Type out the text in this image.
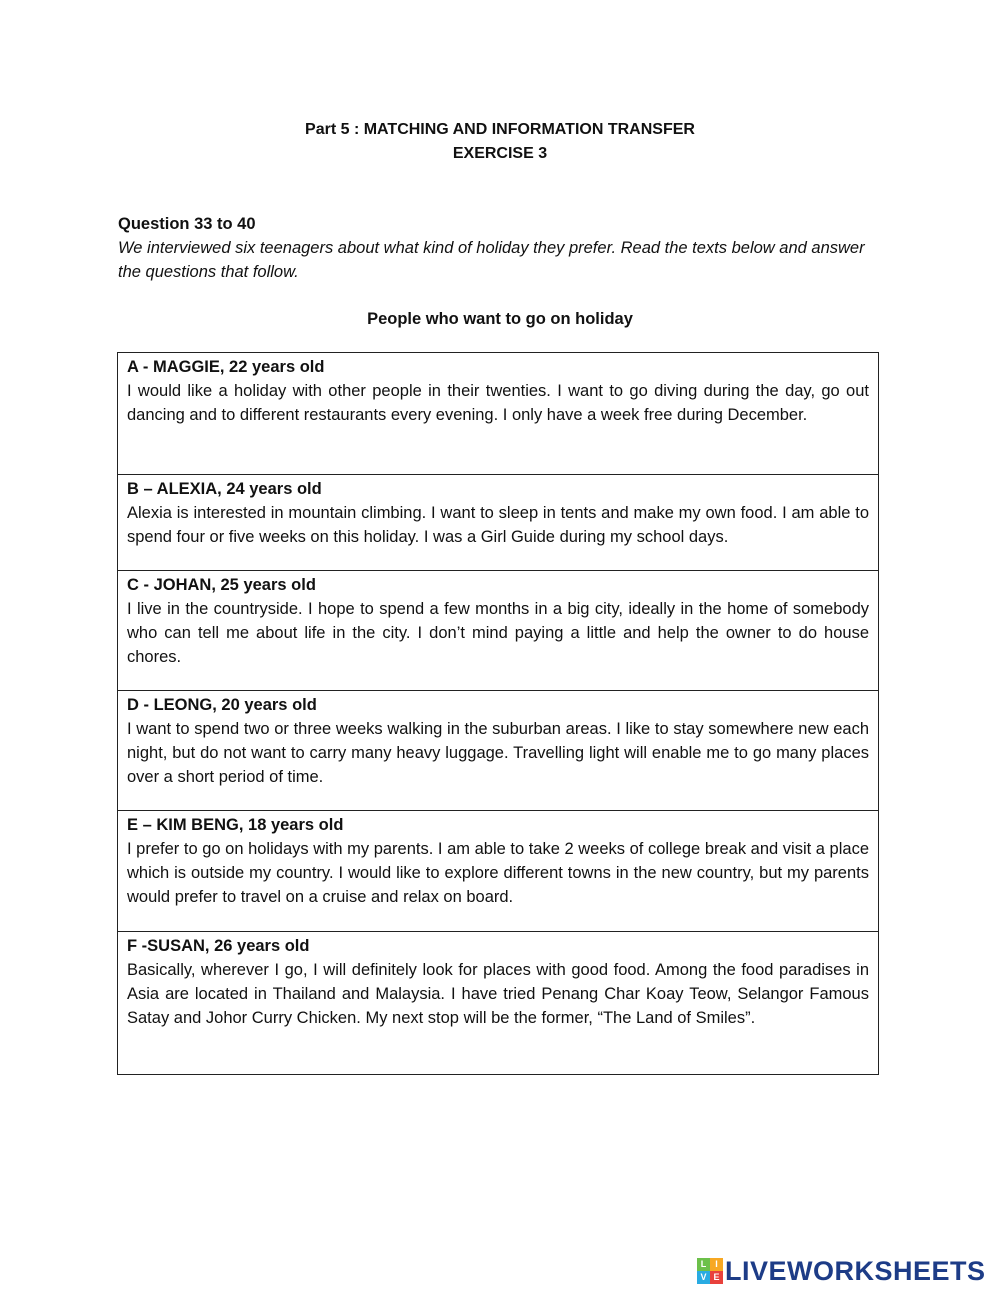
Part 5 : MATCHING AND INFORMATION TRANSFER
EXERCISE 3
Question 33 to 40
We interviewed six teenagers about what kind of holiday they prefer. Read the texts below and answer the questions that follow.
People who want to go on holiday
A - MAGGIE, 22 years old
I would like a holiday with other people in their twenties. I want to go diving during the day, go out dancing and to different restaurants every evening. I only have a week free during December.
B – ALEXIA, 24 years old
Alexia is interested in mountain climbing. I want to sleep in tents and make my own food. I am able to spend four or five weeks on this holiday. I was a Girl Guide during my school days.
C - JOHAN, 25 years old
I live in the countryside. I hope to spend a few months in a big city, ideally in the home of somebody who can tell me about life in the city. I don’t mind paying a little and help the owner to do house chores.
D - LEONG, 20 years old
I want to spend two or three weeks walking in the suburban areas. I like to stay somewhere new each night, but do not want to carry many heavy luggage. Travelling light will enable me to go many places over a short period of time.
E – KIM BENG, 18 years old
I prefer to go on holidays with my parents. I am able to take 2 weeks of college break and visit a place which is outside my country. I would like to explore different towns in the new country, but my parents would prefer to travel on a cruise and relax on board.
F -SUSAN, 26 years old
Basically, wherever I go, I will definitely look for places with good food. Among the food paradises in Asia are located in Thailand and Malaysia. I have tried Penang Char Koay Teow, Selangor Famous Satay and Johor Curry Chicken. My next stop will be the former, “The Land of Smiles”.
L I
V E LIVEWORKSHEETS
